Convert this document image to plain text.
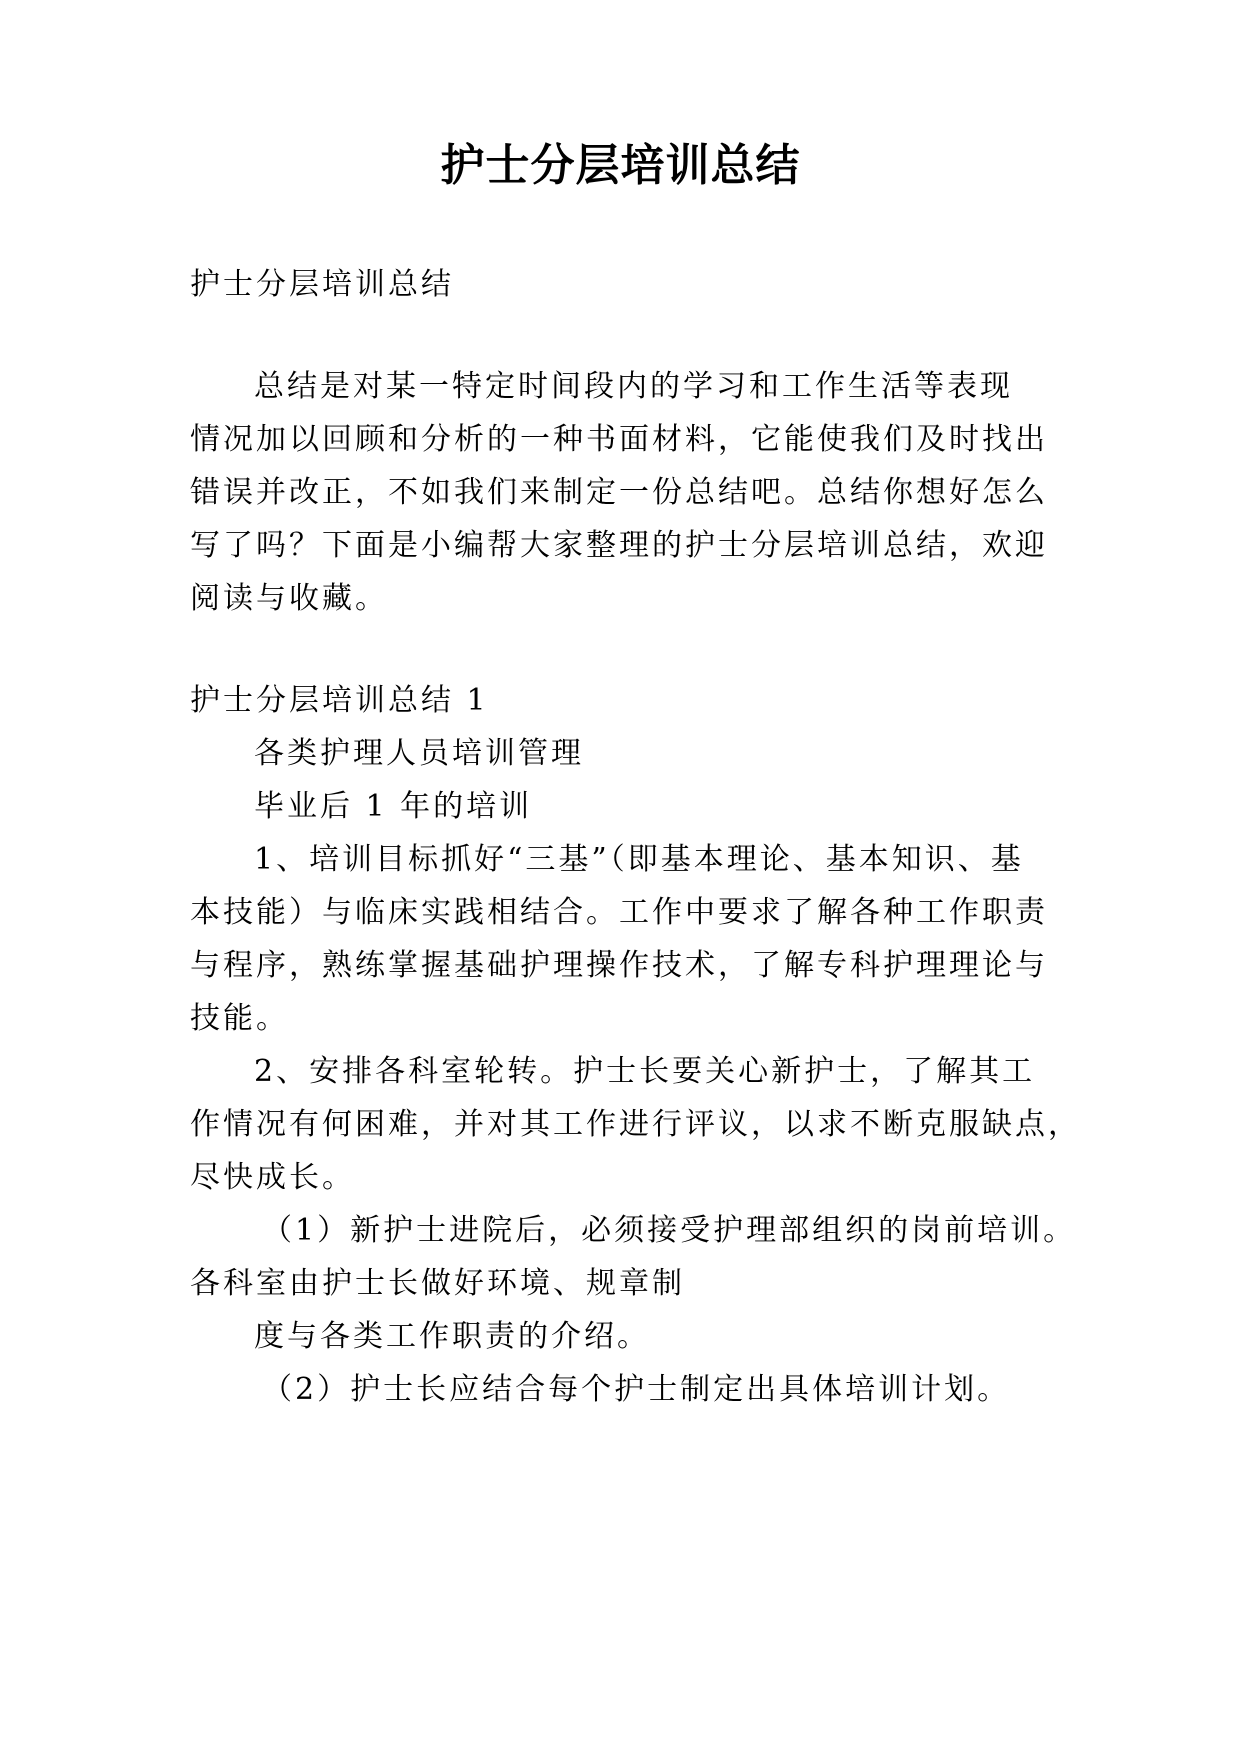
护士分层培训总结
护士分层培训总结
总结是对某一特定时间段内的学习和工作生活等表现
情况加以回顾和分析的一种书面材料，它能使我们及时找出
错误并改正，不如我们来制定一份总结吧。总结你想好怎么
写了吗？下面是小编帮大家整理的护士分层培训总结，欢迎
阅读与收藏。
护士分层培训总结 1
各类护理人员培训管理
毕业后 1 年的培训
1、培训目标抓好“三基”（即基本理论、基本知识、基
本技能）与临床实践相结合。工作中要求了解各种工作职责
与程序，熟练掌握基础护理操作技术，了解专科护理理论与
技能。
2、安排各科室轮转。护士长要关心新护士，了解其工
作情况有何困难，并对其工作进行评议，以求不断克服缺点，
尽快成长。
（1）新护士进院后，必须接受护理部组织的岗前培训。
各科室由护士长做好环境、规章制
度与各类工作职责的介绍。
（2）护士长应结合每个护士制定出具体培训计划。
